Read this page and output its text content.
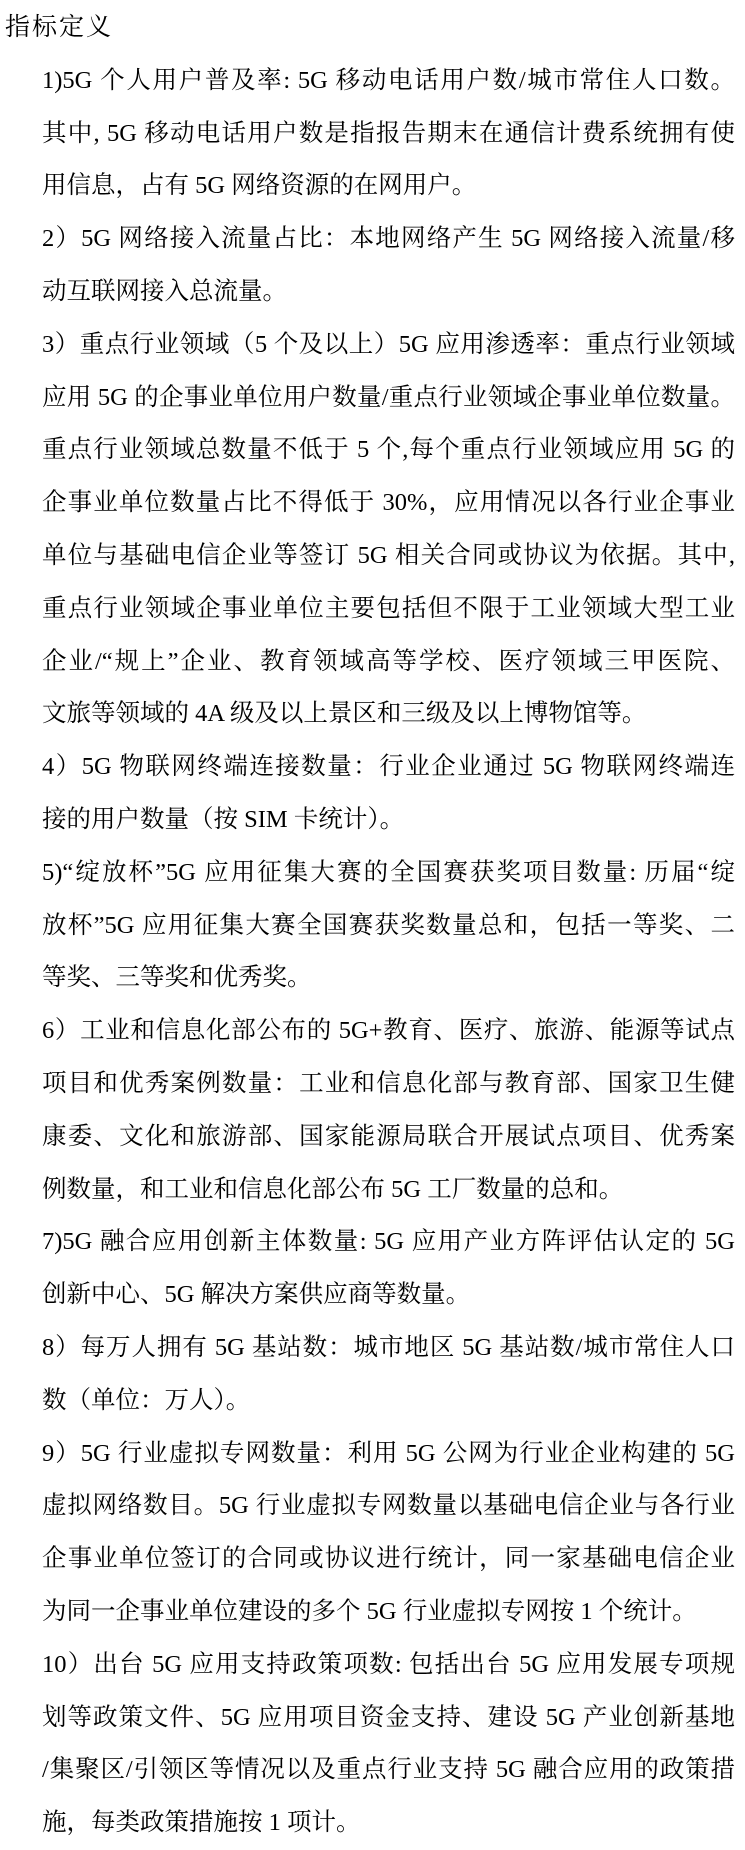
指标定义
1)5G 个人用户普及率: 5G 移动电话用户数/城市常住人口数。
其中, 5G 移动电话用户数是指报告期末在通信计费系统拥有使
用信息，占有 5G 网络资源的在网用户。
2）5G 网络接入流量占比：本地网络产生 5G 网络接入流量/移
动互联网接入总流量。
3）重点行业领域（5 个及以上）5G 应用渗透率：重点行业领域
应用 5G 的企事业单位用户数量/重点行业领域企事业单位数量。
重点行业领域总数量不低于 5 个,每个重点行业领域应用 5G 的
企事业单位数量占比不得低于 30%，应用情况以各行业企事业
单位与基础电信企业等签订 5G 相关合同或协议为依据。其中,
重点行业领域企事业单位主要包括但不限于工业领域大型工业
企业/“规上”企业、教育领域高等学校、医疗领域三甲医院、
文旅等领域的 4A 级及以上景区和三级及以上博物馆等。
4）5G 物联网终端连接数量：行业企业通过 5G 物联网终端连
接的用户数量（按 SIM 卡统计）。
5)“绽放杯”5G 应用征集大赛的全国赛获奖项目数量: 历届“绽
放杯”5G 应用征集大赛全国赛获奖数量总和，包括一等奖、二
等奖、三等奖和优秀奖。
6）工业和信息化部公布的 5G+教育、医疗、旅游、能源等试点
项目和优秀案例数量：工业和信息化部与教育部、国家卫生健
康委、文化和旅游部、国家能源局联合开展试点项目、优秀案
例数量，和工业和信息化部公布 5G 工厂数量的总和。
7)5G 融合应用创新主体数量: 5G 应用产业方阵评估认定的 5G
创新中心、5G 解决方案供应商等数量。
8）每万人拥有 5G 基站数：城市地区 5G 基站数/城市常住人口
数（单位：万人）。
9）5G 行业虚拟专网数量：利用 5G 公网为行业企业构建的 5G
虚拟网络数目。5G 行业虚拟专网数量以基础电信企业与各行业
企事业单位签订的合同或协议进行统计，同一家基础电信企业
为同一企事业单位建设的多个 5G 行业虚拟专网按 1 个统计。
10）出台 5G 应用支持政策项数: 包括出台 5G 应用发展专项规
划等政策文件、5G 应用项目资金支持、建设 5G 产业创新基地
/集聚区/引领区等情况以及重点行业支持 5G 融合应用的政策措
施，每类政策措施按 1 项计。
